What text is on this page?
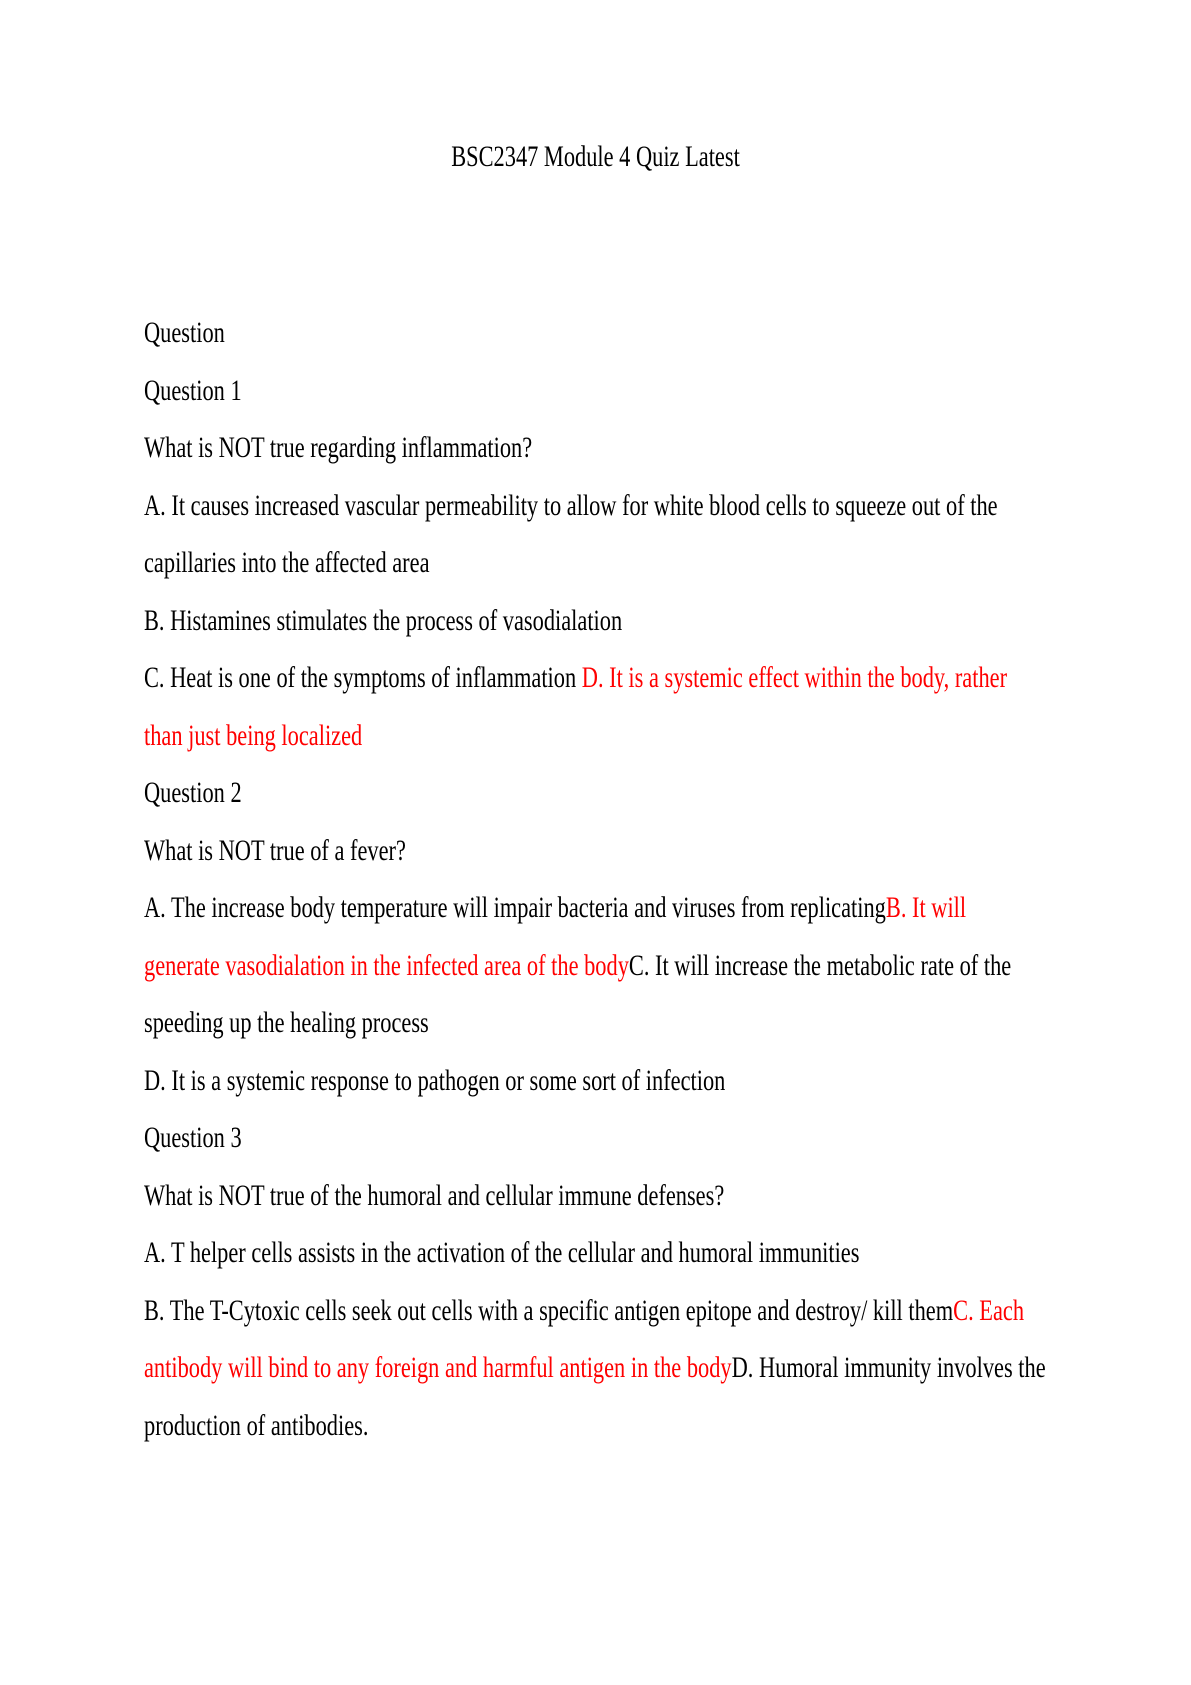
BSC2347 Module 4 Quiz Latest

Question

Question 1

What is NOT true regarding inflammation?

A. It causes increased vascular permeability to allow for white blood cells to squeeze out of the capillaries into the affected area

B. Histamines stimulates the process of vasodialation

C. Heat is one of the symptoms of inflammation D. It is a systemic effect within the body, rather than just being localized

Question 2

What is NOT true of a fever?

A. The increase body temperature will impair bacteria and viruses from replicatingB. It will generate vasodialation in the infected area of the bodyC. It will increase the metabolic rate of the speeding up the healing process

D. It is a systemic response to pathogen or some sort of infection

Question 3

What is NOT true of the humoral and cellular immune defenses?

A. T helper cells assists in the activation of the cellular and humoral immunities

B. The T-Cytoxic cells seek out cells with a specific antigen epitope and destroy/ kill themC. Each antibody will bind to any foreign and harmful antigen in the bodyD. Humoral immunity involves the production of antibodies.
